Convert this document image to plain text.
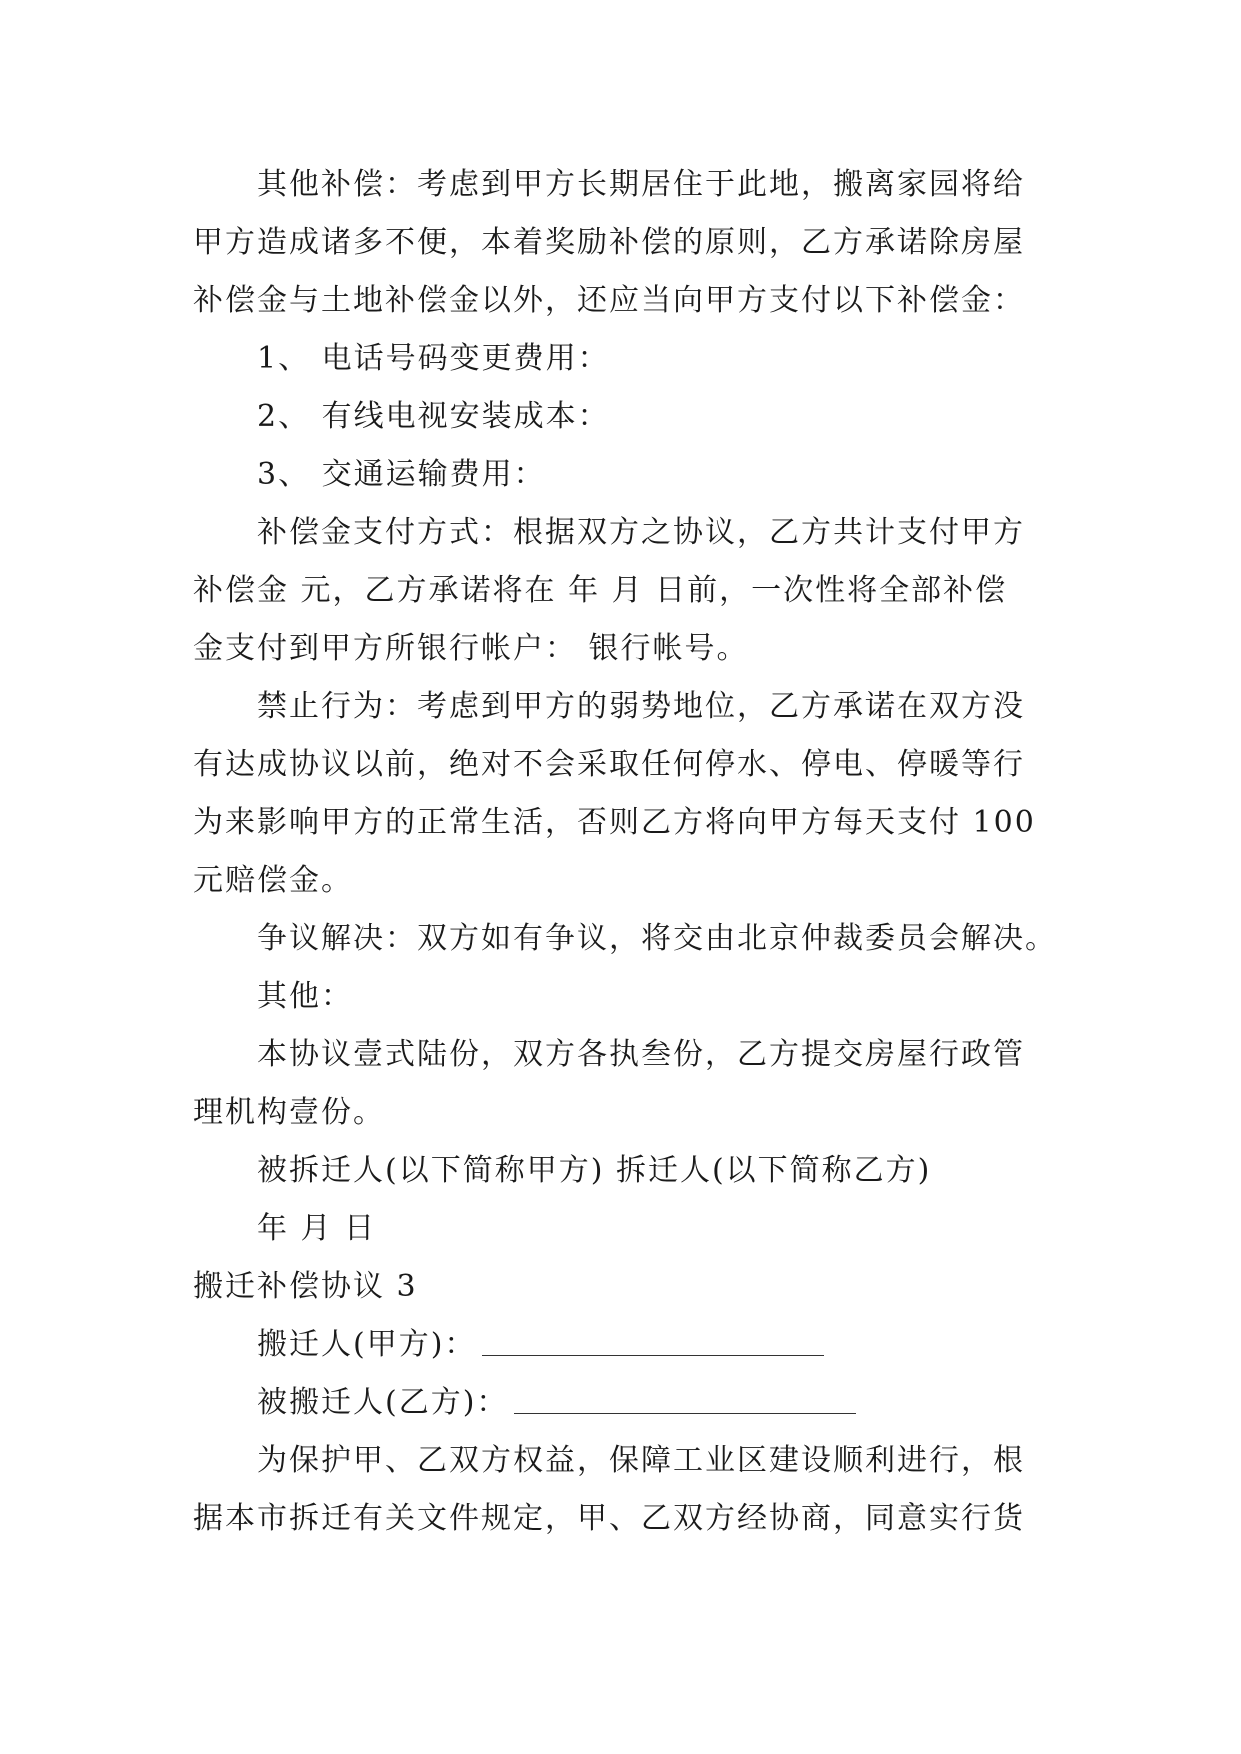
其他补偿：考虑到甲方长期居住于此地，搬离家园将给
甲方造成诸多不便，本着奖励补偿的原则，乙方承诺除房屋
补偿金与土地补偿金以外，还应当向甲方支付以下补偿金：
1、 电话号码变更费用：
2、 有线电视安装成本：
3、 交通运输费用：
补偿金支付方式：根据双方之协议，乙方共计支付甲方
补偿金 元，乙方承诺将在 年 月 日前，一次性将全部补偿
金支付到甲方所银行帐户： 银行帐号。
禁止行为：考虑到甲方的弱势地位，乙方承诺在双方没
有达成协议以前，绝对不会采取任何停水、停电、停暖等行
为来影响甲方的正常生活，否则乙方将向甲方每天支付 100
元赔偿金。
争议解决：双方如有争议，将交由北京仲裁委员会解决。
其他：
本协议壹式陆份，双方各执叁份，乙方提交房屋行政管
理机构壹份。
被拆迁人(以下简称甲方) 拆迁人(以下简称乙方)
年 月 日
搬迁补偿协议 3
搬迁人(甲方)：
被搬迁人(乙方)：
为保护甲、乙双方权益，保障工业区建设顺利进行，根
据本市拆迁有关文件规定，甲、乙双方经协商，同意实行货
